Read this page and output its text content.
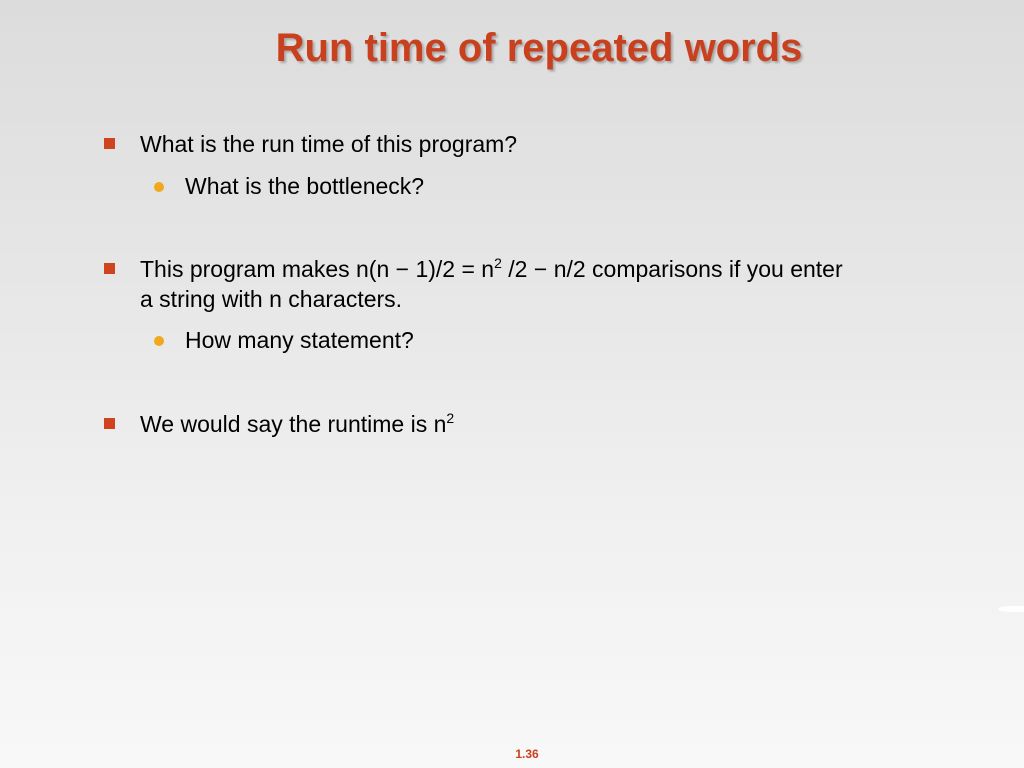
Run time of repeated words
What is the run time of this program?
What is the bottleneck?
This program makes $n(n - 1)/2 = n^2$ /2 − n/2 comparisons if you enter
a string with n characters.
How many statement?
We would say the runtime is $n^2$
1.36
